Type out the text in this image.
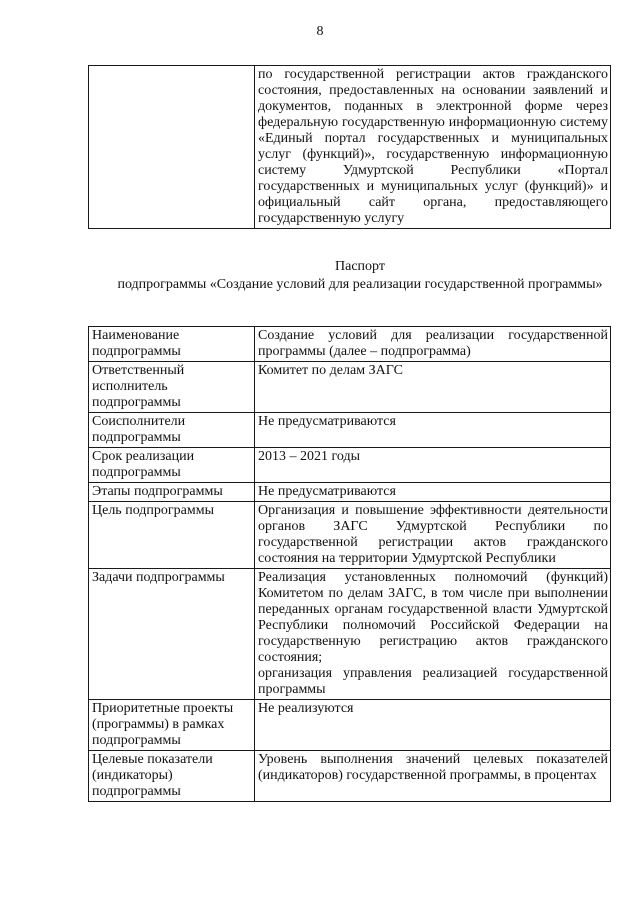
8
	по государственной регистрации актов гражданского состояния, предоставленных на основании заявлений и документов, поданных в электронной форме через федеральную государственную информационную систему «Единый портал государственных и муниципальных услуг (функций)», государственную информационную систему Удмуртской Республики «Портал государственных и муниципальных услуг (функций)» и официальный сайт органа, предоставляющего государственную услугу
Паспорт
подпрограммы «Создание условий для реализации государственной программы»
Наименование подпрограммы	Создание условий для реализации государственной программы (далее – подпрограмма)
Ответственный исполнитель подпрограммы	Комитет по делам ЗАГС
Соисполнители подпрограммы	Не предусматриваются
Срок реализации подпрограммы	2013 – 2021 годы
Этапы подпрограммы	Не предусматриваются
Цель подпрограммы	Организация и повышение эффективности деятельности органов ЗАГС Удмуртской Республики по государственной регистрации актов гражданского состояния на территории Удмуртской Республики
Задачи подпрограммы	Реализация установленных полномочий (функций) Комитетом по делам ЗАГС, в том числе при выполнении переданных органам государственной власти Удмуртской Республики полномочий Российской Федерации на государственную регистрацию актов гражданского состояния;
организация управления реализацией государственной программы

Приоритетные проекты (программы) в рамках подпрограммы	Не реализуются
Целевые показатели (индикаторы) подпрограммы	Уровень выполнения значений целевых показателей (индикаторов) государственной программы, в процентах
